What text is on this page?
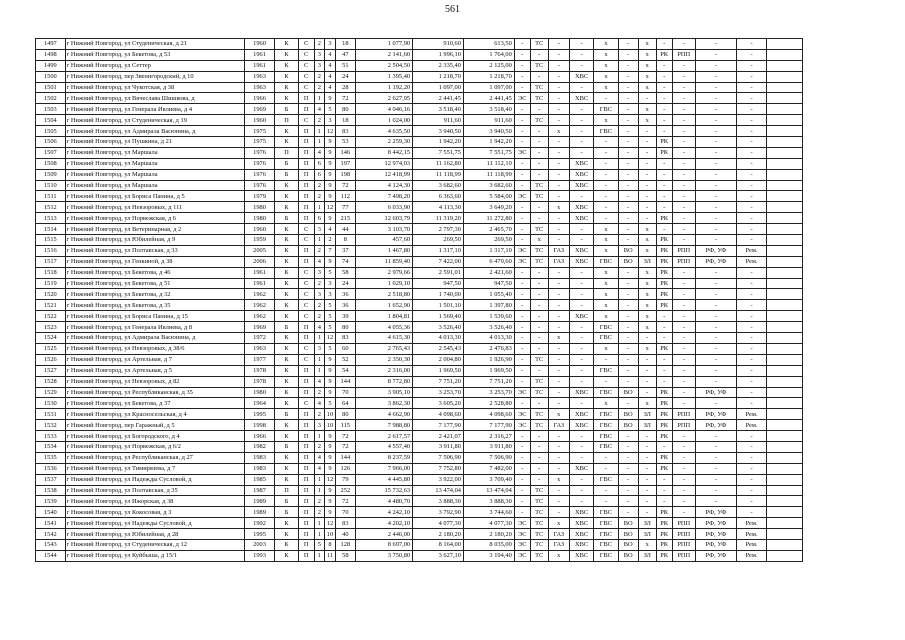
561
1497	г Нижний Новгород, ул Студеническая, д 21	1960	К	С	2	3	18	1 077,90	910,60	613,50	-	ТС	-	-	х	-	х	-	-	-	-	
1498	г Нижний Новгород, ул Бекетова, д 53	1961	К	С	3	4	47	2 141,60	1 996,10	1 764,00	-	-	-	-	х	-	х	РК	РПП	-	-	
1499	г Нижний Новгород, ул Сеттер	1961	К	С	3	4	51	2 504,50	2 335,40	2 125,00	-	ТС	-	-	х	-	х	-	-	-	-	
1500	г Нижний Новгород, пер Звенигородский, д 10	1963	К	С	2	4	24	1 395,40	1 218,70	1 218,70	-	-	-	ХВС	х	-	х	-	-	-	-	
1501	г Нижний Новгород, ул Чукотская, д 38	1963	К	С	2	4	28	1 192,20	1 097,00	1 097,00	-	ТС	-	-	х	-	х	-	-	-	-	
1502	г Нижний Новгород, ул Вячеслава Шишкова, д	1966	К	П	1	9	72	2 627,95	2 441,45	2 441,45	ЭС	ТС	-	ХВС	-	-	-	-	-	-	-	
1503	г Нижний Новгород, ул Генерала Ивлиева, д 4	1969	Б	П	4	5	80	4 046,16	3 518,40	3 518,40	-	-	-	-	ГВС	-	х	-	-	-	-	
1504	г Нижний Новгород, ул Студеническая, д 19	1960	П	С	2	3	18	1 024,00	911,60	911,60	-	ТС	-	-	х	-	х	-	-	-	-	
1505	г Нижний Новгород, ул Адмирала Васюнина, д	1975	К	П	1	12	83	4 635,50	3 940,50	3 940,50	-	-	х	-	ГВС	-	-	-	-	-	-	
1506	г Нижний Новгород, ул Пушкина, д 21	1975	К	П	1	9	53	2 259,30	1 942,20	1 942,20	-	-	-	-	-	-	-	РК	-	-	-	
1507	г Нижний Новгород, ул Маршала	1976	П	П	4	9	146	8 442,15	7 551,75	7 551,75	ЭС	-	-	-	-	-	-	РК	-	-	-	
1508	г Нижний Новгород, ул Маршала	1976	Б	П	6	9	197	12 974,03	11 162,80	11 112,10	-	-	-	ХВС	-	-	-	-	-	-	-	
1509	г Нижний Новгород, ул Маршала	1976	Б	П	6	9	198	12 418,99	11 118,99	11 118,99	-	-	-	ХВС	-	-	-	-	-	-	-	
1510	г Нижний Новгород, ул Маршала	1976	К	П	2	9	72	4 124,30	3 682,60	3 682,60	-	ТС	-	ХВС	-	-	-	-	-	-	-	
1511	г Нижний Новгород, ул Бориса Панина, д 5	1979	К	П	2	9	112	7 498,20	6 363,60	5 584,00	ЭС	ТС	-	-	-	-	-	-	-	-	-	
1512	г Нижний Новгород, ул Невзоровых, д 111	1980	К	П	1	12	77	6 033,90	4 113,30	3 649,20	-	-	х	ХВС	-	-	-	-	-	-	-	
1513	г Нижний Новгород, ул Норвежская, д 6	1980	Б	П	6	9	215	12 603,79	11 319,20	11 272,80	-	-	-	ХВС	-	-	-	РК	-	-	-	
1514	г Нижний Новгород, ул Ветеринарная, д 2	1960	К	С	3	4	44	3 103,70	2 797,30	2 465,70	-	ТС	-	-	х	-	х	-	-	-	-	
1515	г Нижний Новгород, ул Юбилейная, д 9	1959	К	С	1	2	8	457,60	269,50	269,50	-	х	-	-	х	-	х	РК	-	-	-	
1516	г Нижний Новгород, ул Полтавская, д 33	2005	К	П	2	7	37	1 467,80	1 317,10	1 317,10	ЭС	ТС	ГАЗ	ХВС	х	ВО	х	РК	РПП	РФ, УФ	Рем.	
1517	г Нижний Новгород, ул Генкиной, д 38	2006	К	П	4	9	74	11 859,40	7 422,00	6 479,60	ЭС	ТС	ГАЗ	ХВС	ГВС	ВО	ЗЛ	РК	РПП	РФ, УФ	Рем.	
1518	г Нижний Новгород, ул Бекетова, д 46	1961	К	С	3	5	58	2 979,66	2 591,01	2 421,60	-	-	-	-	х	-	х	РК	-	-	-	
1519	г Нижний Новгород, ул Бекетова, д 51	1961	К	С	2	3	24	1 029,10	947,50	947,50	-	-	-	-	х	-	х	РК	-	-	-	
1520	г Нижний Новгород, ул Бекетова, д 32	1962	К	С	3	3	36	2 518,80	1 740,00	1 055,40	-	-	-	-	х	-	х	РК	-	-	-	
1521	г Нижний Новгород, ул Бекетова, д 35	1962	К	С	2	5	36	1 652,90	1 501,10	1 397,80	-	-	-	-	х	-	х	РК	-	-	-	
1522	г Нижний Новгород, ул Бориса Панина, д 15	1962	К	С	2	5	39	1 804,81	1 569,40	1 539,60	-	-	-	ХВС	х	-	х	-	-	-	-	
1523	г Нижний Новгород, ул Генерала Ивлиева, д 8	1969	Б	П	4	5	80	4 055,36	3 526,40	3 526,40	-	-	-	-	ГВС	-	х	-	-	-	-	
1524	г Нижний Новгород, ул Адмирала Васюнина, д	1972	К	П	1	12	83	4 615,30	4 013,30	4 013,30	-	-	х	-	ГВС	-	-	-	-	-	-	
1525	г Нижний Новгород, ул Невзоровых, д 38/6	1963	К	С	3	5	60	2 765,43	2 545,43	2 476,83	-	-	-	-	х	-	х	РК	-	-	-	
1526	г Нижний Новгород, ул Артельная, д 7	1977	К	С	1	9	52	2 350,30	2 004,80	1 926,90	-	ТС	-	-	-	-	-	-	-	-	-	
1527	г Нижний Новгород, ул Артельная, д 5	1978	К	П	1	9	54	2 316,00	1 969,50	1 969,50	-	-	-	-	ГВС	-	-	-	-	-	-	
1528	г Нижний Новгород, ул Невзоровых, д 82	1978	К	П	4	9	144	8 772,80	7 751,20	7 751,20	-	ТС	-	-	-	-	-	-	-	-	-	
1529	г Нижний Новгород, ул Республиканская, д 35	1980	К	П	2	9	70	3 905,10	3 253,70	3 253,70	ЭС	ТС	-	ХВС	ГВС	ВО	-	РК	-	РФ, УФ	-	
1530	г Нижний Новгород, ул Бекетова, д 37	1964	К	С	4	5	64	3 862,30	3 605,20	2 528,80	-	-	-	-	х	-	х	РК	-	-	-	
1531	г Нижний Новгород, ул Красносельская, д 4	1995	Б	П	2	10	80	4 662,90	4 098,60	4 098,60	ЭС	ТС	х	ХВС	ГВС	ВО	ЗЛ	РК	РПП	РФ, УФ	Рем.	
1532	г Нижний Новгород, пер Гаражный, д 5	1998	К	П	3	10	115	7 988,80	7 177,90	7 177,90	ЭС	ТС	ГАЗ	ХВС	ГВС	ВО	ЗЛ	РК	РПП	РФ, УФ	Рем.	
1533	г Нижний Новгород, ул Богородского, д 4	1966	К	П	1	9	72	2 617,57	2 421,07	2 316,27	-	-	-	-	ГВС	-	-	РК	-	-	-	
1534	г Нижний Новгород, ул Норвежская, д 6/2	1982	Б	П	2	9	72	4 557,40	3 911,80	3 911,80	-	-	-	-	ГВС	-	-	-	-	-	-	
1535	г Нижний Новгород, ул Республиканская, д 27	1983	К	П	4	9	144	8 237,59	7 506,90	7 506,90	-	-	-	-	-	-	-	РК	-	-	-	
1536	г Нижний Новгород, ул Тимирязева, д 7	1983	К	П	4	9	126	7 966,00	7 752,80	7 482,00	-	-	-	ХВС	-	-	-	РК	-	-	-	
1537	г Нижний Новгород, ул Надежды Сусловой, д	1985	К	П	1	12	79	4 445,80	3 922,00	3 709,40	-	-	х	-	ГВС	-	-	-	-	-	-	
1538	г Нижний Новгород, ул Полтавская, д 35	1987	П	П	1	9	252	15 732,63	13 474,04	13 474,04	-	ТС	-	-	-	-	-	-	-	-	-	
1539	г Нижний Новгород, ул Ижорская, д 38	1989	Б	П	2	9	72	4 480,70	3 888,30	3 888,30	-	ТС	-	-	-	-	-	-	-	-	-	
1540	г Нижний Новгород, ул Кокосовая, д 3	1989	Б	П	2	9	70	4 242,10	3 792,90	3 744,60	-	ТС	-	ХВС	ГВС	-	-	РК	-	РФ, УФ	-	
1541	г Нижний Новгород, ул Надежды Сусловой, д	1992	К	П	1	12	83	4 202,10	4 077,30	4 077,30	ЭС	ТС	х	ХВС	ГВС	ВО	ЗЛ	РК	РПП	РФ, УФ	Рем.	
1542	г Нижний Новгород, ул Юбилейная, д 28	1995	К	П	1	10	40	2 446,00	2 180,20	2 180,20	ЭС	ТС	ГАЗ	ХВС	ГВС	ВО	ЗЛ	РК	РПП	РФ, УФ	Рем.	
1543	г Нижний Новгород, ул Студеническая, д 12	2003	К	П	5	8	128	8 697,00	8 164,00	8 035,00	ЭС	ТС	ГАЗ	ХВС	ГВС	ВО	х	РК	РПП	РФ, УФ	Рем.	
1544	г Нижний Новгород, ул Куйбыша, д 15/1	1993	К	П	1	11	58	3 750,80	3 627,10	3 194,40	ЭС	ТС	х	ХВС	ГВС	ВО	ЗЛ	РК	РПП	РФ, УФ	Рем.	
